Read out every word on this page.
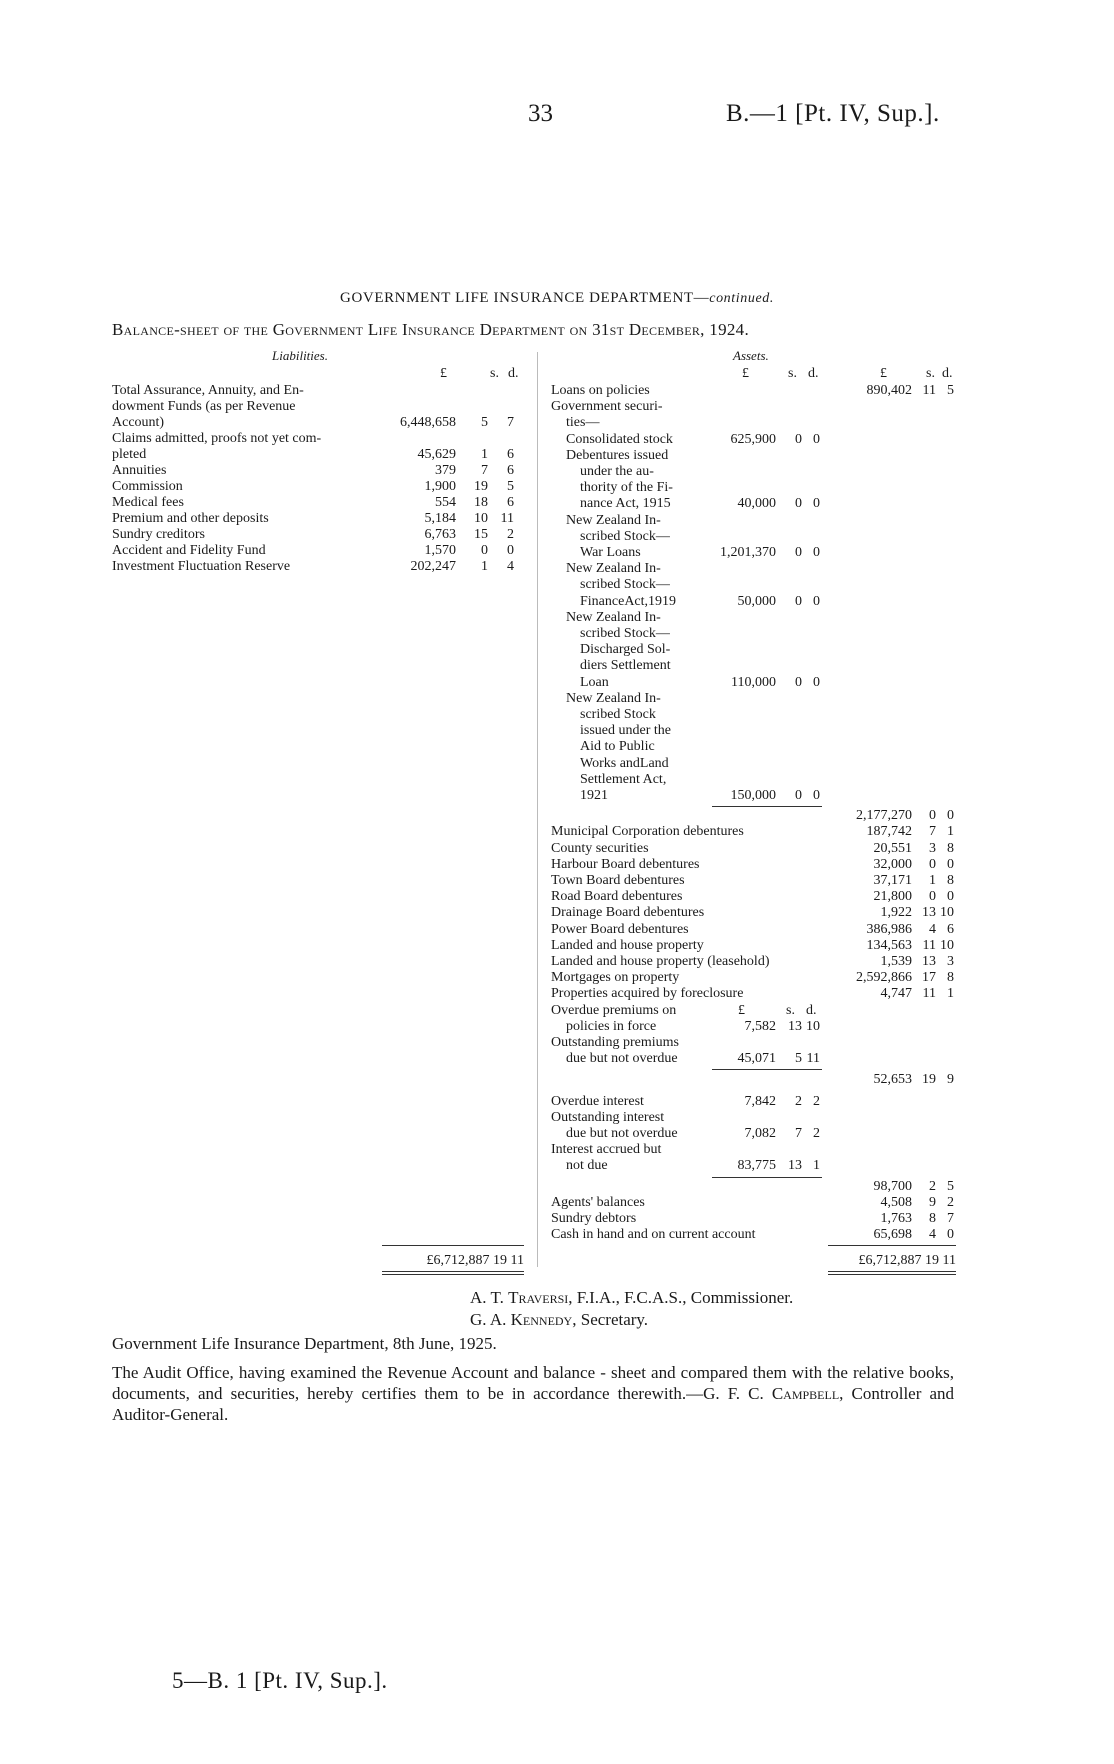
33	B.—1 [Pt. IV, Sup.].
GOVERNMENT LIFE INSURANCE DEPARTMENT—continued.
Balance-sheet of the Government Life Insurance Department on 31st December, 1924.
Liabilities.
£	s. d.
Total Assurance, Annuity, and En-
dowment Funds (as per Revenue
Account)	6,448,658	5	7
Claims admitted, proofs not yet com-
pleted	45,629	1	6
Annuities	379	7	6
Commission	1,900	19	5
Medical fees	554	18	6
Premium and other deposits	5,184	10 11
Sundry creditors	6,763	15	2
Accident and Fidelity Fund	1,570	0	0
Investment Fluctuation Reserve	202,247	1	4
£6,712,887 19 11
Assets.
£	s. d.	£	s. d.
Loans on policies	890,402 11 5
Government securi-
ties—
Consolidated stock	625,900	0 0
Debentures issued
under the au-
thority of the Fi-
nance Act, 1915	40,000	0 0
New Zealand In-
scribed Stock—
War Loans	1,201,370	0 0
New Zealand In-
scribed Stock—
FinanceAct,1919	50,000	0 0
New Zealand In-
scribed Stock—
Discharged Sol-
diers Settlement
Loan	110,000	0 0
New Zealand In-
scribed Stock
issued under the
Aid to Public
Works andLand
Settlement Act,
1921	150,000	0 0
2,177,270	0 0
Municipal Corporation debentures	187,742	7 1
County securities	20,551	3 8
Harbour Board debentures	32,000	0 0
Town Board debentures	37,171	1 8
Road Board debentures	21,800	0 0
Drainage Board debentures	1,922 13 10
Power Board debentures	386,986	4 6
Landed and house property	134,563 11 10
Landed and house property (leasehold)	1,539 13 3
Mortgages on property	2,592,866 17 8
Properties acquired by foreclosure	4,747 11 1
£	s. d.
Overdue premiums on
policies in force	7,582 13 10
Outstanding premiums
due but not overdue	45,071	5 11
52,653 19 9
Overdue interest	7,842	2 2
Outstanding interest
due but not overdue	7,082	7 2
Interest accrued but
not due	83,775 13 1
98,700	2 5
Agents' balances	4,508	9 2
Sundry debtors	1,763	8 7
Cash in hand and on current account	65,698	4 0
£6,712,887 19 11
A. T. Traversi, F.I.A., F.C.A.S., Commissioner.
G. A. Kennedy, Secretary.
Government Life Insurance Department, 8th June, 1925.
The Audit Office, having examined the Revenue Account and balance - sheet and compared them with the relative books, documents, and securities, hereby certifies them to be in accordance therewith.—G. F. C. Campbell, Controller and Auditor-General.
5—B. 1 [Pt. IV, Sup.].
